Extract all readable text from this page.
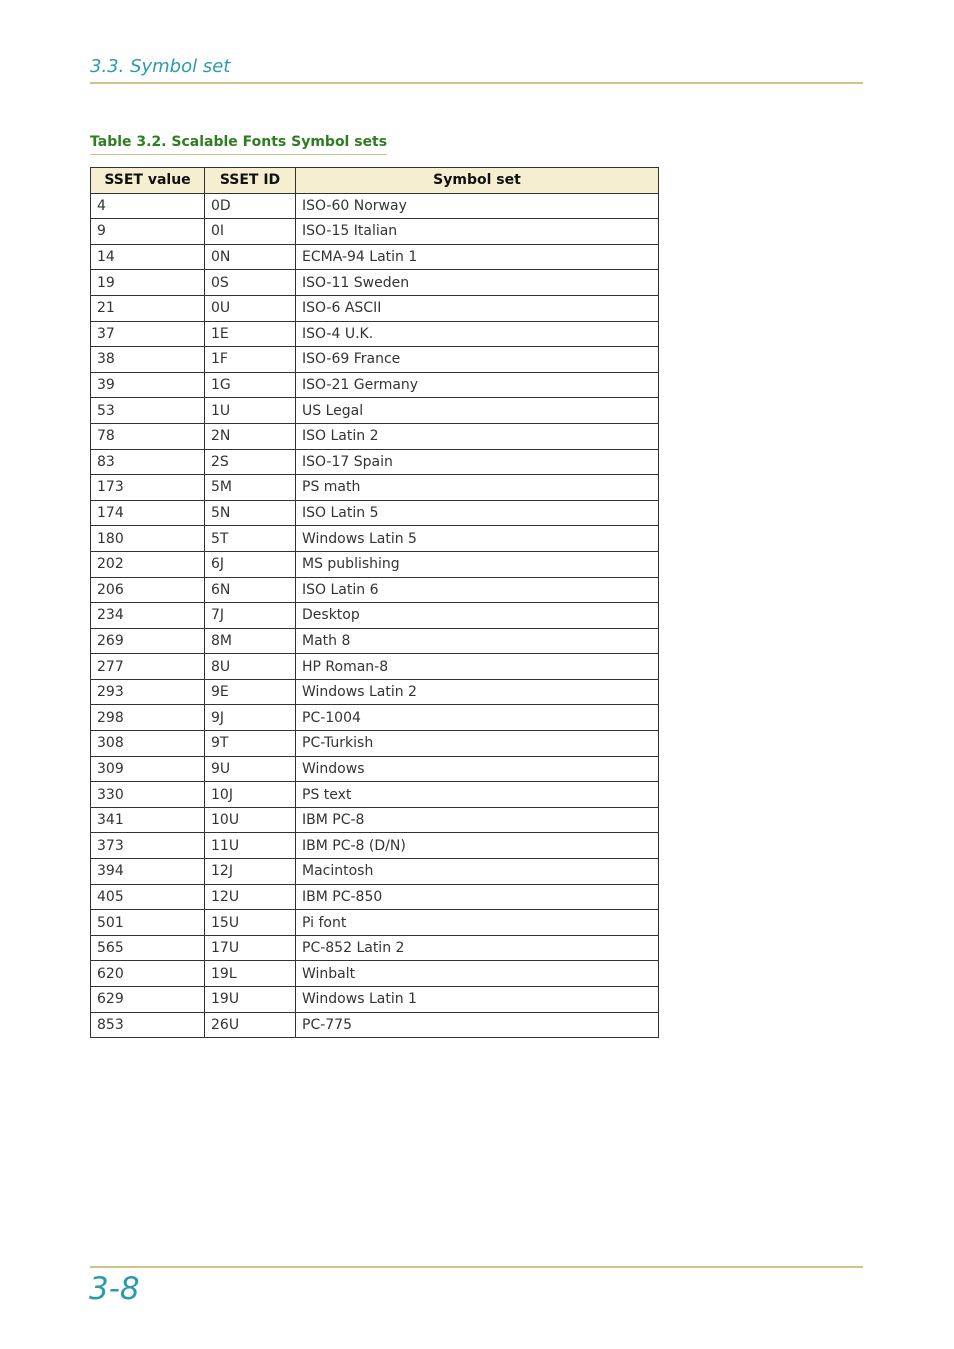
3.3. Symbol set
Table 3.2. Scalable Fonts Symbol sets
SSET value	SSET ID	Symbol set
4	0D	ISO-60 Norway
9	0I	ISO-15 Italian
14	0N	ECMA-94 Latin 1
19	0S	ISO-11 Sweden
21	0U	ISO-6 ASCII
37	1E	ISO-4 U.K.
38	1F	ISO-69 France
39	1G	ISO-21 Germany
53	1U	US Legal
78	2N	ISO Latin 2
83	2S	ISO-17 Spain
173	5M	PS math
174	5N	ISO Latin 5
180	5T	Windows Latin 5
202	6J	MS publishing
206	6N	ISO Latin 6
234	7J	Desktop
269	8M	Math 8
277	8U	HP Roman-8
293	9E	Windows Latin 2
298	9J	PC-1004
308	9T	PC-Turkish
309	9U	Windows
330	10J	PS text
341	10U	IBM PC-8
373	11U	IBM PC-8 (D/N)
394	12J	Macintosh
405	12U	IBM PC-850
501	15U	Pi font
565	17U	PC-852 Latin 2
620	19L	Winbalt
629	19U	Windows Latin 1
853	26U	PC-775
3-8
